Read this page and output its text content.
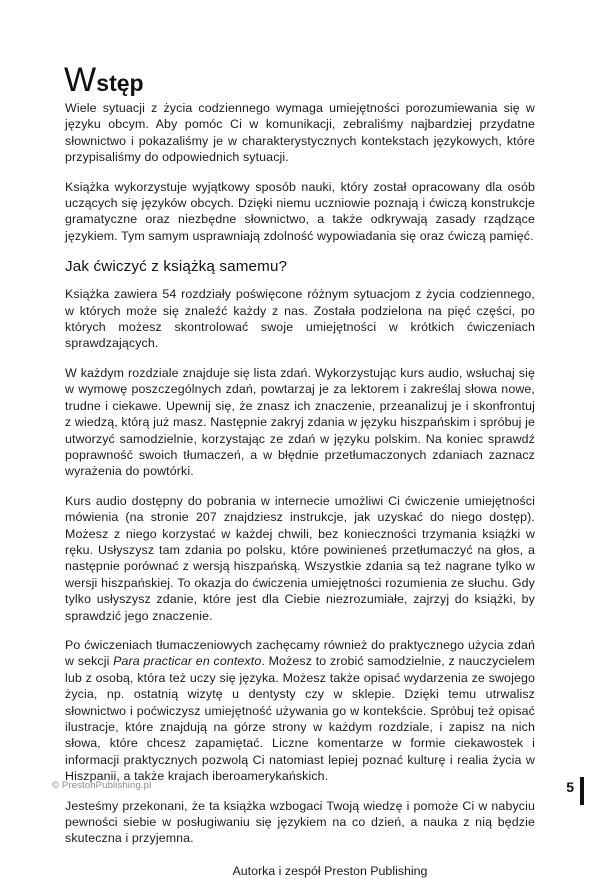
Wstęp

Wiele sytuacji z życia codziennego wymaga umiejętności porozumiewania się w języku obcym. Aby pomóc Ci w komunikacji, zebraliśmy najbardziej przydatne słownictwo i pokazaliśmy je w charakterystycznych kontekstach językowych, które przypisaliśmy do odpowiednich sytuacji.

Książka wykorzystuje wyjątkowy sposób nauki, który został opracowany dla osób uczących się języków obcych. Dzięki niemu uczniowie poznają i ćwiczą konstrukcje gramatyczne oraz niezbędne słownictwo, a także odkrywają zasady rządzące językiem. Tym samym usprawniają zdolność wypowiadania się oraz ćwiczą pamięć.

Jak ćwiczyć z książką samemu?

Książka zawiera 54 rozdziały poświęcone różnym sytuacjom z życia codziennego, w których może się znaleźć każdy z nas. Została podzielona na pięć części, po których możesz skontrolować swoje umiejętności w krótkich ćwiczeniach sprawdzających.

W każdym rozdziale znajduje się lista zdań. Wykorzystując kurs audio, wsłuchaj się w wymowę poszczególnych zdań, powtarzaj je za lektorem i zakreślaj słowa nowe, trudne i ciekawe. Upewnij się, że znasz ich znaczenie, przeanalizuj je i skonfrontuj z wiedzą, którą już masz. Następnie zakryj zdania w języku hiszpańskim i spróbuj je utworzyć samodzielnie, korzystając ze zdań w języku polskim. Na koniec sprawdź poprawność swoich tłumaczeń, a w błędnie przetłumaczonych zdaniach zaznacz wyrażenia do powtórki.

Kurs audio dostępny do pobrania w internecie umożliwi Ci ćwiczenie umiejętności mówienia (na stronie 207 znajdziesz instrukcje, jak uzyskać do niego dostęp). Możesz z niego korzystać w każdej chwili, bez konieczności trzymania książki w ręku. Usłyszysz tam zdania po polsku, które powinieneś przetłumaczyć na głos, a następnie porównać z wersją hiszpańską. Wszystkie zdania są też nagrane tylko w wersji hiszpańskiej. To okazja do ćwiczenia umiejętności rozumienia ze słuchu. Gdy tylko usłyszysz zdanie, które jest dla Ciebie niezrozumiałe, zajrzyj do książki, by sprawdzić jego znaczenie.

Po ćwiczeniach tłumaczeniowych zachęcamy również do praktycznego użycia zdań w sekcji Para practicar en contexto. Możesz to zrobić samodzielnie, z nauczycielem lub z osobą, która też uczy się języka. Możesz także opisać wydarzenia ze swojego życia, np. ostatnią wizytę u dentysty czy w sklepie. Dzięki temu utrwalisz słownictwo i poćwiczysz umiejętność używania go w kontekście. Spróbuj też opisać ilustracje, które znajdują na górze strony w każdym rozdziale, i zapisz na nich słowa, które chcesz zapamiętać. Liczne komentarze w formie ciekawostek i informacji praktycznych pozwolą Ci natomiast lepiej poznać kulturę i realia życia w Hiszpanii, a także krajach iberoamerykańskich.

Jesteśmy przekonani, że ta książka wzbogaci Twoją wiedzę i pomoże Ci w nabyciu pewności siebie w posługiwaniu się językiem na co dzień, a nauka z nią będzie skuteczna i przyjemna.

Autorka i zespół Preston Publishing

© PrestonPublishing.pl	5
